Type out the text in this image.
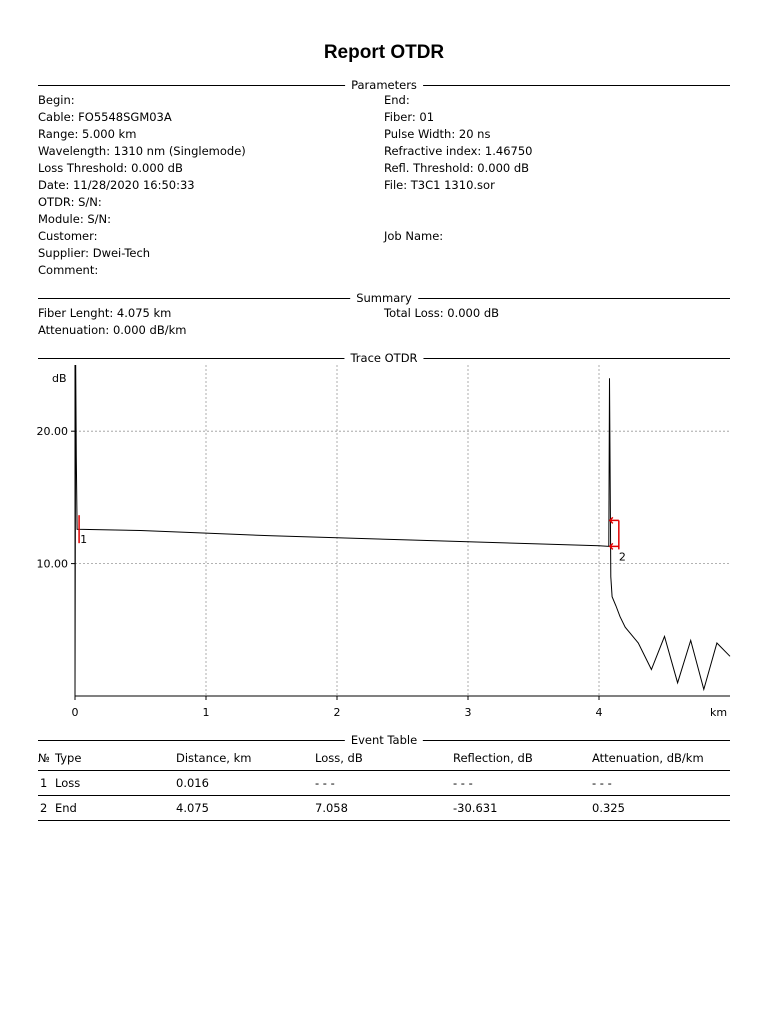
Report OTDR
Parameters
Begin:
Cable: FO5548SGM03A
Range: 5.000 km
Wavelength: 1310 nm (Singlemode)
Loss Threshold: 0.000 dB
Date: 11/28/2020 16:50:33
OTDR: S/N:
Module: S/N:
Customer:
Supplier: Dwei-Tech
Comment:
End:
Fiber: 01
Pulse Width: 20 ns
Refractive index: 1.46750
Refl. Threshold: 0.000 dB
File: T3C1 1310.sor
Job Name:
Summary
Fiber Lenght: 4.075 km
Attenuation: 0.000 dB/km
Total Loss: 0.000 dB
Trace OTDR
0	1	2	3	4
10.00
20.00
dB
km
1
2
Event Table
№	Type	Distance, km	Loss, dB	Reflection, dB	Attenuation, dB/km
1	Loss	0.016	- - -	- - -	- - -
2	End	4.075	7.058	-30.631	0.325
